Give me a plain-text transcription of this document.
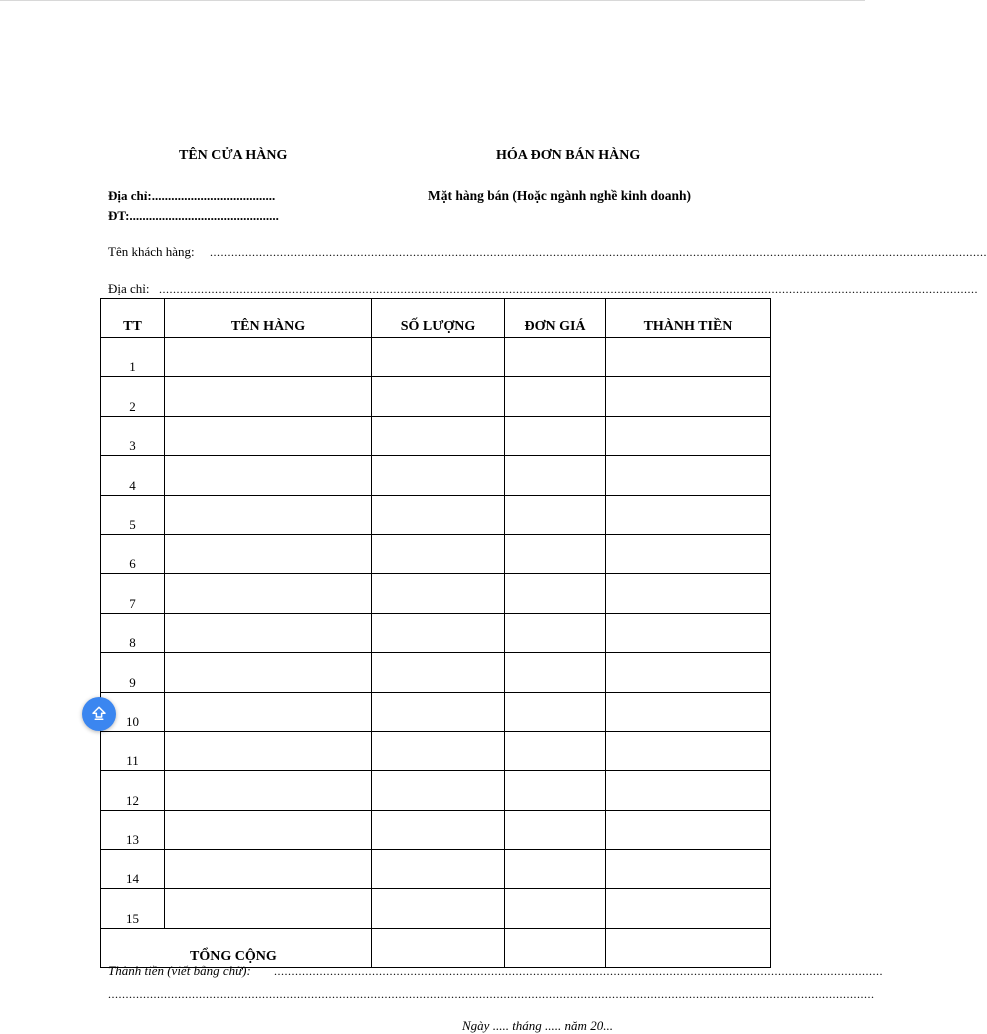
TÊN CỬA HÀNG	HÓA ĐƠN BÁN HÀNG
Địa chỉ:......................................
ĐT:..............................................
Mặt hàng bán (Hoặc ngành nghề kinh doanh)
Tên khách hàng: ..............................................................................................................................................................................................................................
Địa chỉ: ..........................................................................................................................................................................................................................................
TT	TÊN HÀNG	SỐ LƯỢNG	ĐƠN GIÁ	THÀNH TIỀN
1				
2				
3				
4				
5				
6				
7				
8				
9				
10				
11				
12				
13				
14				
15				
TỔNG CỘNG				
Thành tiền (viết bằng chữ): ..............................................................................................................................................................................
...........................................................................................................................................................................................................................
Ngày ..... tháng ..... năm 20...
